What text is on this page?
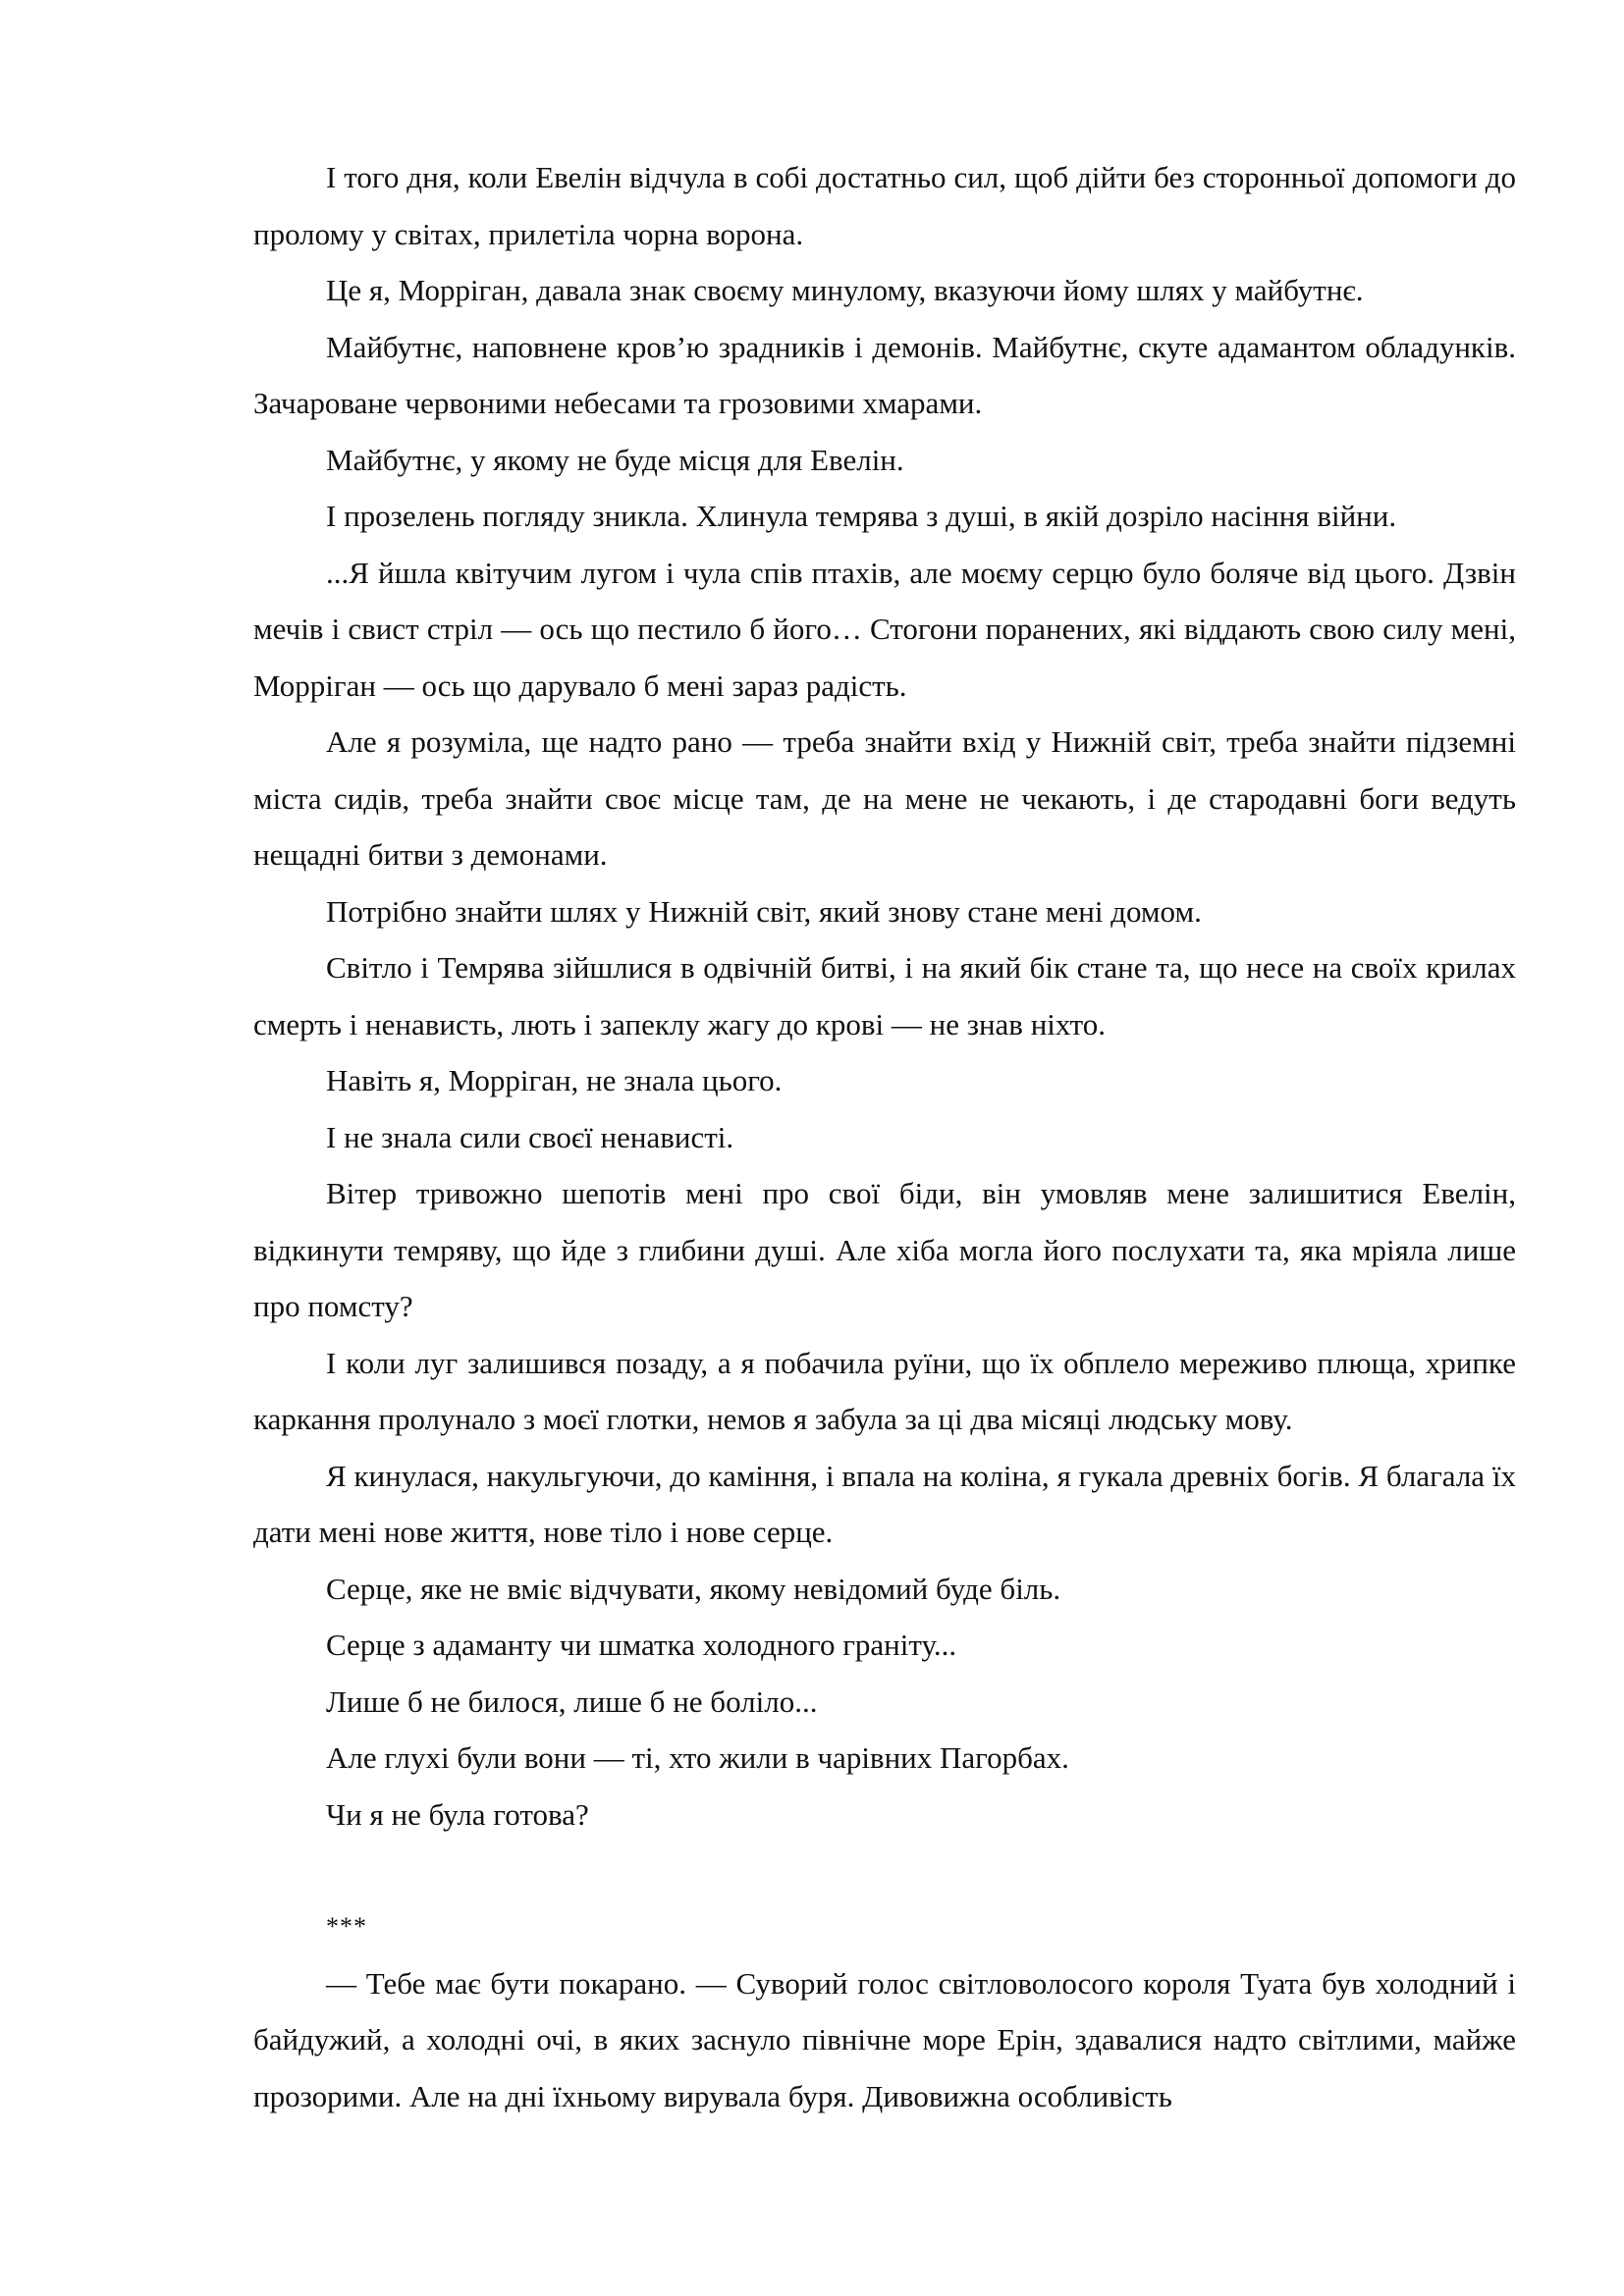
І того дня, коли Евелін відчула в собі достатньо сил, щоб дійти без сторонньої допомоги до пролому у світах, прилетіла чорна ворона.

Це я, Морріган, давала знак своєму минулому, вказуючи йому шлях у майбутнє.

Майбутнє, наповнене кров’ю зрадників і демонів. Майбутнє, скуте адамантом обладунків. Зачароване червоними небесами та грозовими хмарами.

Майбутнє, у якому не буде місця для Евелін.

І прозелень погляду зникла. Хлинула темрява з душі, в якій дозріло насіння війни.

...Я йшла квітучим лугом і чула спів птахів, але моєму серцю було боляче від цього. Дзвін мечів і свист стріл — ось що пестило б його… Стогони поранених, які віддають свою силу мені, Морріган — ось що дарувало б мені зараз радість.

Але я розуміла, ще надто рано — треба знайти вхід у Нижній світ, треба знайти підземні міста сидів, треба знайти своє місце там, де на мене не чекають, і де стародавні боги ведуть нещадні битви з демонами.

Потрібно знайти шлях у Нижній світ, який знову стане мені домом.

Світло і Темрява зійшлися в одвічній битві, і на який бік стане та, що несе на своїх крилах смерть і ненависть, лють і запеклу жагу до крові — не знав ніхто.

Навіть я, Морріган, не знала цього.

І не знала сили своєї ненависті.

Вітер тривожно шепотів мені про свої біди, він умовляв мене залишитися Евелін, відкинути темряву, що йде з глибини душі. Але хіба могла його послухати та, яка мріяла лише про помсту?

І коли луг залишився позаду, а я побачила руїни, що їх обплело мереживо плюща, хрипке каркання пролунало з моєї глотки, немов я забула за ці два місяці людську мову.

Я кинулася, накульгуючи, до каміння, і впала на коліна, я гукала древніх богів. Я благала їх дати мені нове життя, нове тіло і нове серце.

Серце, яке не вміє відчувати, якому невідомий буде біль.

Серце з адаманту чи шматка холодного граніту...

Лише б не билося, лише б не боліло...

Але глухі були вони — ті, хто жили в чарівних Пагорбах.

Чи я не була готова?

***

— Тебе має бути покарано. — Суворий голос світловолосого короля Туата був холодний і байдужий, а холодні очі, в яких заснуло північне море Ерін, здавалися надто світлими, майже прозорими. Але на дні їхньому вирувала буря. Дивовижна особливість
